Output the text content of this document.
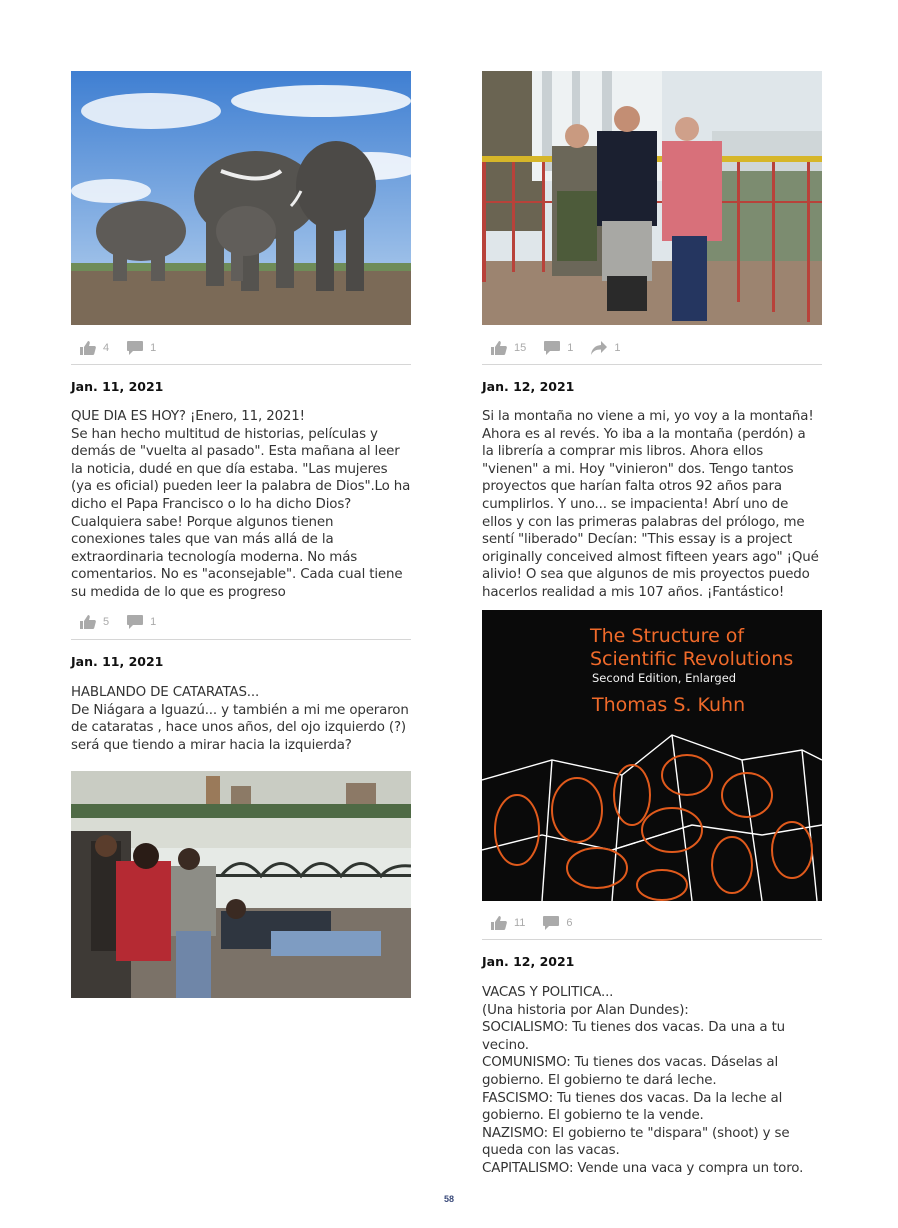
4	1
Jan. 11, 2021
QUE DIA ES HOY? ¡Enero, 11, 2021!
Se han hecho multitud de historias, películas y
demás de "vuelta al pasado". Esta mañana al leer
la noticia, dudé en que día estaba. "Las mujeres
(ya es oficial) pueden leer la palabra de Dios".Lo ha
dicho el Papa Francisco o lo ha dicho Dios?
Cualquiera sabe! Porque algunos tienen
conexiones tales que van más allá de la
extraordinaria tecnología moderna. No más
comentarios. No es "aconsejable". Cada cual tiene
su medida de lo que es progreso
5	1
Jan. 11, 2021
HABLANDO DE CATARATAS...
De Niágara a Iguazú... y también a mi me operaron
de cataratas , hace unos años, del ojo izquierdo (?)
será que tiendo a mirar hacia la izquierda?
15	1	1
Jan. 12, 2021
Si la montaña no viene a mi, yo voy a la montaña!
Ahora es al revés. Yo iba a la montaña (perdón) a
la librería a comprar mis libros. Ahora ellos
"vienen" a mi. Hoy "vinieron" dos. Tengo tantos
proyectos que harían falta otros 92 años para
cumplirlos. Y uno... se impacienta! Abrí uno de
ellos y con las primeras palabras del prólogo, me
sentí "liberado" Decían: "This essay is a project
originally conceived almost fifteen years ago" ¡Qué
alivio! O sea que algunos de mis proyectos puedo
hacerlos realidad a mis 107 años. ¡Fantástico!
The Structure of
Scientific Revolutions
Second Edition, Enlarged
Thomas S. Kuhn
11	6
Jan. 12, 2021
VACAS Y POLITICA...
(Una historia por Alan Dundes):
SOCIALISMO: Tu tienes dos vacas. Da una a tu
vecino.
COMUNISMO: Tu tienes dos vacas. Dáselas al
gobierno. El gobierno te dará leche.
FASCISMO: Tu tienes dos vacas. Da la leche al
gobierno. El gobierno te la vende.
NAZISMO: El gobierno te "dispara" (shoot) y se
queda con las vacas.
CAPITALISMO: Vende una vaca y compra un toro.
58
